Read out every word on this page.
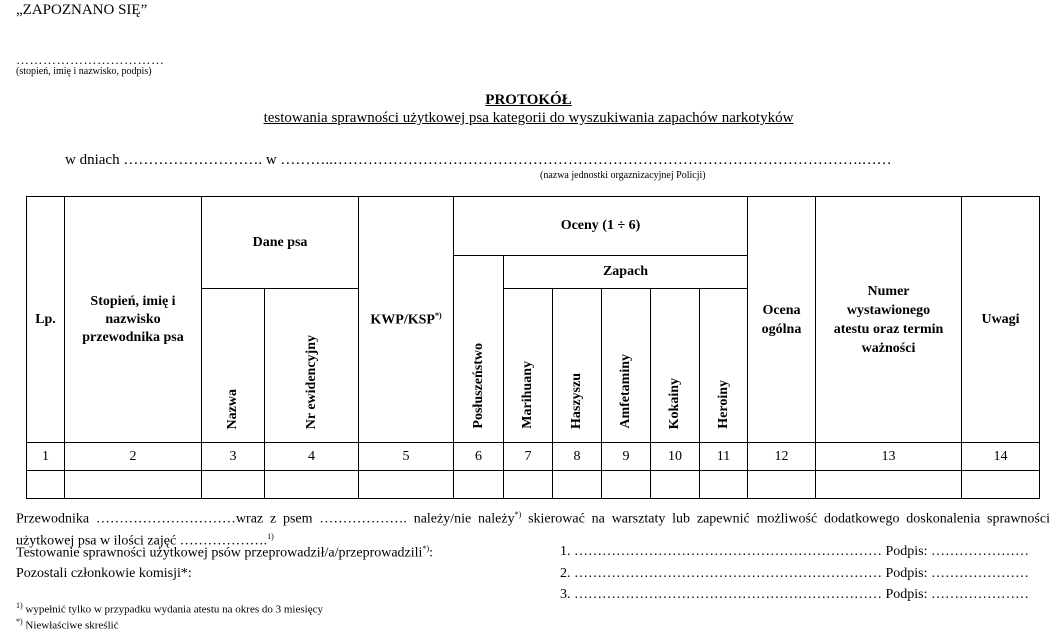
„ZAPOZNANO SIĘ”
……………………………
(stopień, imię i nazwisko, podpis)
PROTOKÓŁ
testowania sprawności użytkowej psa kategorii do wyszukiwania zapachów narkotyków
w dniach ………………………. w ………..…………………………………………………………………………………………….……
(nazwa jednostki orgaznizacyjnej Policji)
Lp.	Stopień, imię i nazwisko przewodnika psa	Dane psa		KWP/KSP*)	Oceny (1 ÷ 6)						Ocena ogólna	Numer wystawionego atestu oraz termin ważności	Uwagi
					Posłuszeństwo	Zapach							
		Nazwa	Nr ewidencyjny			Marihuany	Haszyszu	Amfetaminy	Kokainy	Heroiny			
1	2	3	4	5	6	7	8	9	10	11	12	13	14

Przewodnika …………………………wraz z psem ………………. należy/nie należy*) skierować na warsztaty lub zapewnić możliwość dodatkowego doskonalenia sprawności użytkowej psa w ilości zajęć ……………….$^{1)}$
Testowanie sprawności użytkowej psów przeprowadził/a/przeprowadzili*):
Pozostali członkowie komisji*:
1. ………………………………………………………… Podpis: …………………
2. ………………………………………………………… Podpis: …………………
3. ………………………………………………………… Podpis: …………………
$^{1)}$ wypełnić tylko w przypadku wydania atestu na okres do 3 miesięcy
*) Niewłaściwe skreślić
